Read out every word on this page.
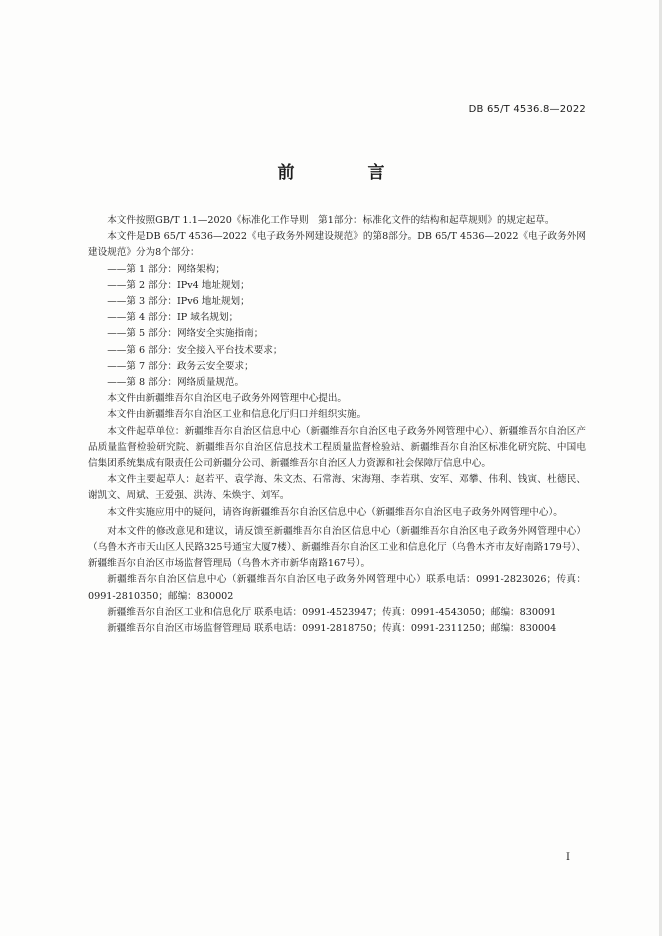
DB 65/T 4536.8—2022
前　言

本文件按照GB/T 1.1—2020《标准化工作导则　第1部分：标准化文件的结构和起草规则》的规定起草。

本文件是DB 65/T 4536—2022《电子政务外网建设规范》的第8部分。DB 65/T 4536—2022《电子政务外网建设规范》分为8个部分：

——第 1 部分：网络架构；

——第 2 部分：IPv4 地址规划；

——第 3 部分：IPv6 地址规划；

——第 4 部分：IP 域名规划；

——第 5 部分：网络安全实施指南；

——第 6 部分：安全接入平台技术要求；

——第 7 部分：政务云安全要求；

——第 8 部分：网络质量规范。

本文件由新疆维吾尔自治区电子政务外网管理中心提出。

本文件由新疆维吾尔自治区工业和信息化厅归口并组织实施。

本文件起草单位：新疆维吾尔自治区信息中心（新疆维吾尔自治区电子政务外网管理中心）、新疆维吾尔自治区产品质量监督检验研究院、新疆维吾尔自治区信息技术工程质量监督检验站、新疆维吾尔自治区标准化研究院、中国电信集团系统集成有限责任公司新疆分公司、新疆维吾尔自治区人力资源和社会保障厅信息中心。

本文件主要起草人：赵若平、袁学海、朱文杰、石常海、宋海翔、李若琪、安军、邓攀、伟利、钱寅、杜德民、谢凯文、周斌、王爱强、洪涛、朱焕宇、刘军。

本文件实施应用中的疑问，请咨询新疆维吾尔自治区信息中心（新疆维吾尔自治区电子政务外网管理中心）。

对本文件的修改意见和建议，请反馈至新疆维吾尔自治区信息中心（新疆维吾尔自治区电子政务外网管理中心）（乌鲁木齐市天山区人民路325号通宝大厦7楼）、新疆维吾尔自治区工业和信息化厅（乌鲁木齐市友好南路179号）、新疆维吾尔自治区市场监督管理局（乌鲁木齐市新华南路167号）。

新疆维吾尔自治区信息中心（新疆维吾尔自治区电子政务外网管理中心）联系电话：0991-2823026；传真：0991-2810350；邮编：830002

新疆维吾尔自治区工业和信息化厅 联系电话：0991-4523947；传真：0991-4543050；邮编：830091

新疆维吾尔自治区市场监督管理局 联系电话：0991-2818750；传真：0991-2311250；邮编：830004

I
